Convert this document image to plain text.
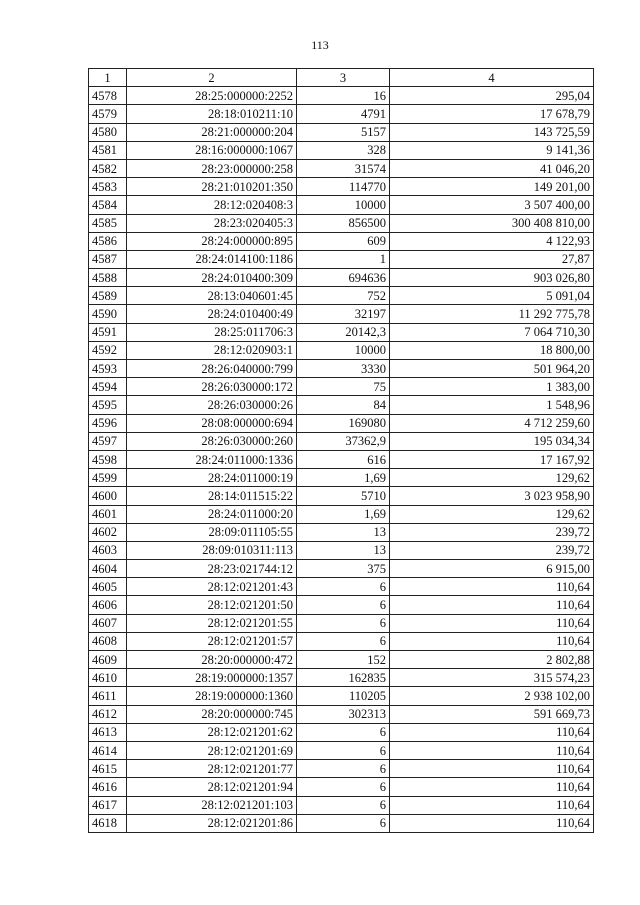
113
1	2	3	4
4578	28:25:000000:2252	16	295,04
4579	28:18:010211:10	4791	17 678,79
4580	28:21:000000:204	5157	143 725,59
4581	28:16:000000:1067	328	9 141,36
4582	28:23:000000:258	31574	41 046,20
4583	28:21:010201:350	114770	149 201,00
4584	28:12:020408:3	10000	3 507 400,00
4585	28:23:020405:3	856500	300 408 810,00
4586	28:24:000000:895	609	4 122,93
4587	28:24:014100:1186	1	27,87
4588	28:24:010400:309	694636	903 026,80
4589	28:13:040601:45	752	5 091,04
4590	28:24:010400:49	32197	11 292 775,78
4591	28:25:011706:3	20142,3	7 064 710,30
4592	28:12:020903:1	10000	18 800,00
4593	28:26:040000:799	3330	501 964,20
4594	28:26:030000:172	75	1 383,00
4595	28:26:030000:26	84	1 548,96
4596	28:08:000000:694	169080	4 712 259,60
4597	28:26:030000:260	37362,9	195 034,34
4598	28:24:011000:1336	616	17 167,92
4599	28:24:011000:19	1,69	129,62
4600	28:14:011515:22	5710	3 023 958,90
4601	28:24:011000:20	1,69	129,62
4602	28:09:011105:55	13	239,72
4603	28:09:010311:113	13	239,72
4604	28:23:021744:12	375	6 915,00
4605	28:12:021201:43	6	110,64
4606	28:12:021201:50	6	110,64
4607	28:12:021201:55	6	110,64
4608	28:12:021201:57	6	110,64
4609	28:20:000000:472	152	2 802,88
4610	28:19:000000:1357	162835	315 574,23
4611	28:19:000000:1360	110205	2 938 102,00
4612	28:20:000000:745	302313	591 669,73
4613	28:12:021201:62	6	110,64
4614	28:12:021201:69	6	110,64
4615	28:12:021201:77	6	110,64
4616	28:12:021201:94	6	110,64
4617	28:12:021201:103	6	110,64
4618	28:12:021201:86	6	110,64
